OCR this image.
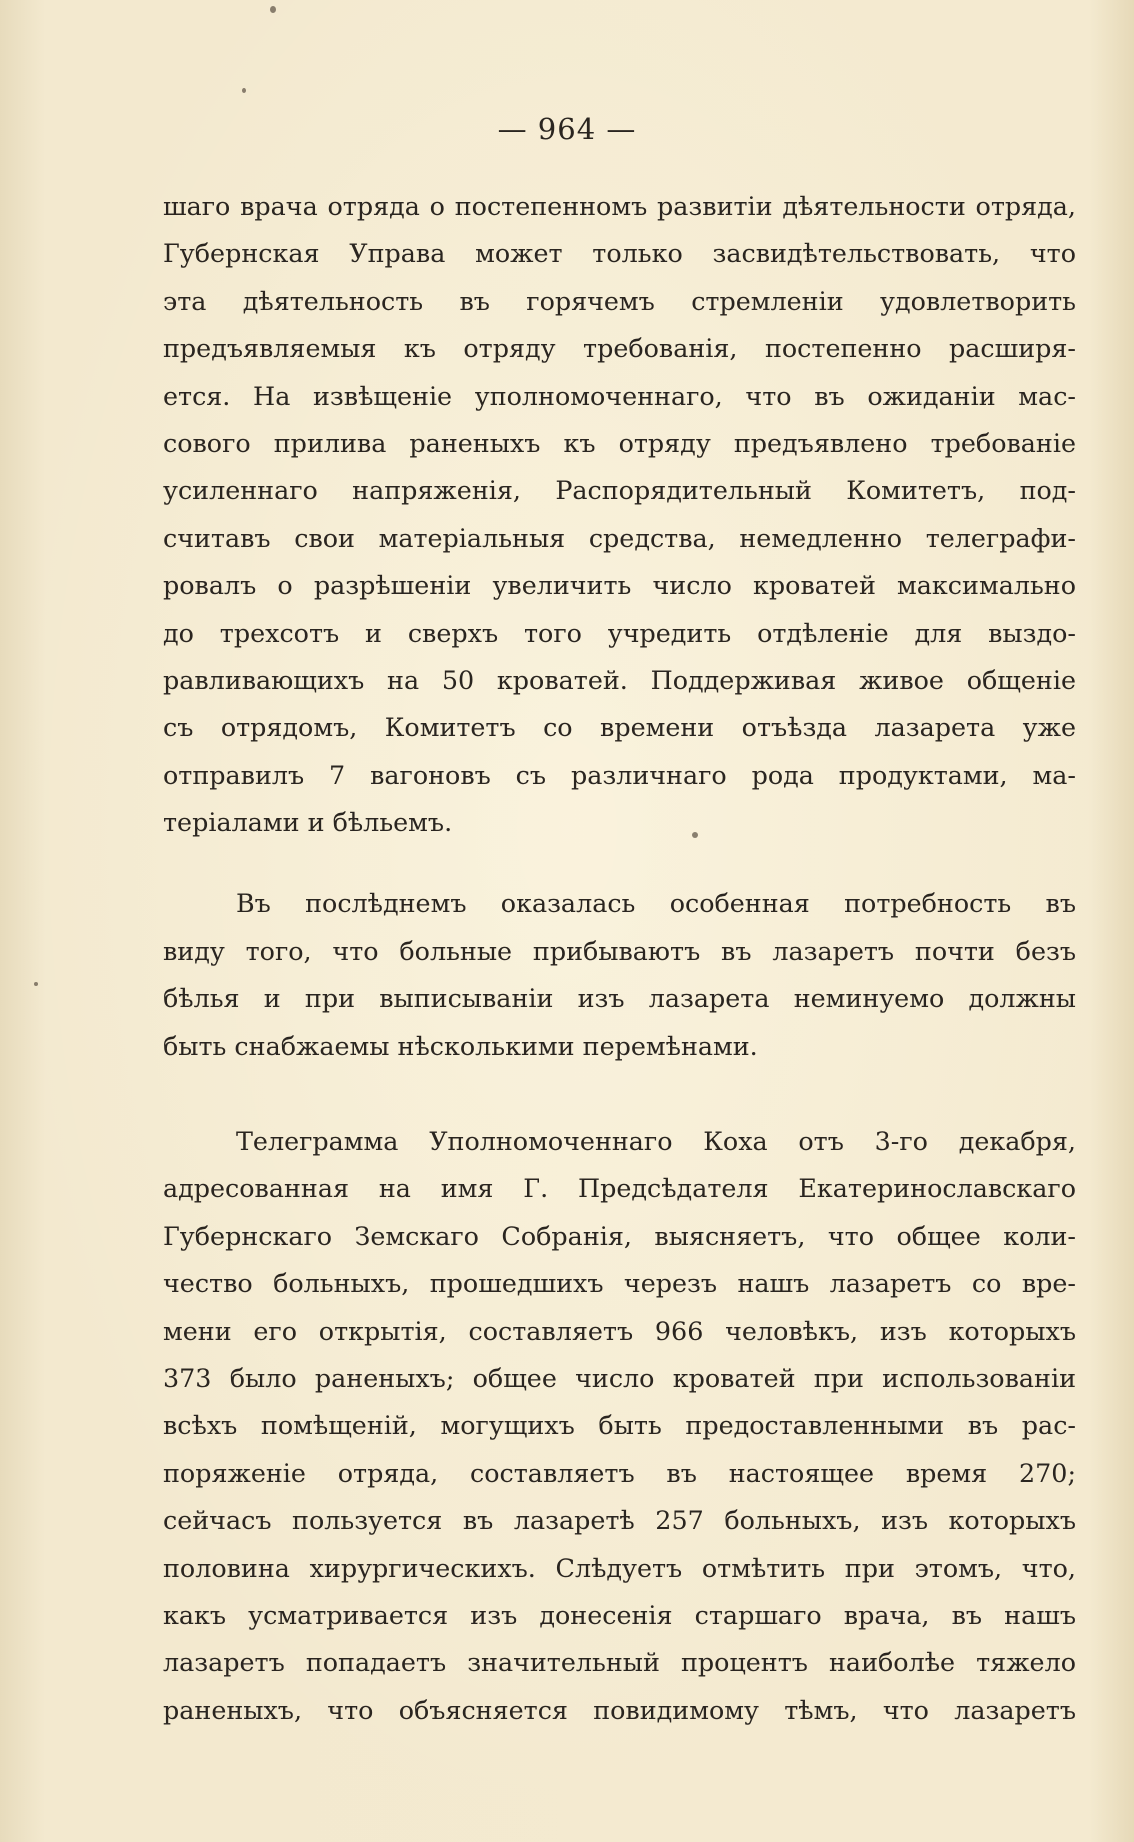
— 964 —
шаго врача отряда о постепенномъ развитіи дѣятельности отряда,
Губернская Управа может только засвидѣтельствовать, что
эта дѣятельность въ горячемъ стремленіи удовлетворить
предъявляемыя къ отряду требованія, постепенно расширя-
ется. На извѣщеніе уполномоченнаго, что въ ожиданіи мас-
сового прилива раненыхъ къ отряду предъявлено требованіе
усиленнаго напряженія, Распорядительный Комитетъ, под-
считавъ свои матеріальныя средства, немедленно телеграфи-
ровалъ о разрѣшеніи увеличить число кроватей максимально
до трехсотъ и сверхъ того учредить отдѣленіе для выздо-
равливающихъ на 50 кроватей. Поддерживая живое общеніе
съ отрядомъ, Комитетъ со времени отъѣзда лазарета уже
отправилъ 7 вагоновъ съ различнаго рода продуктами, ма-
теріалами и бѣльемъ.
Въ послѣднемъ оказалась особенная потребность въ
виду того, что больные прибываютъ въ лазаретъ почти безъ
бѣлья и при выписываніи изъ лазарета неминуемо должны
быть снабжаемы нѣсколькими перемѣнами.
Телеграмма Уполномоченнаго Коха отъ 3-го декабря,
адресованная на имя Г. Предсѣдателя Екатеринославскаго
Губернскаго Земскаго Собранія, выясняетъ, что общее коли-
чество больныхъ, прошедшихъ черезъ нашъ лазаретъ со вре-
мени его открытія, составляетъ 966 человѣкъ, изъ которыхъ
373 было раненыхъ; общее число кроватей при использованіи
всѣхъ помѣщеній, могущихъ быть предоставленными въ рас-
поряженіе отряда, составляетъ въ настоящее время 270;
сейчасъ пользуется въ лазаретѣ 257 больныхъ, изъ которыхъ
половина хирургическихъ. Слѣдуетъ отмѣтить при этомъ, что,
какъ усматривается изъ донесенія старшаго врача, въ нашъ
лазаретъ попадаетъ значительный процентъ наиболѣе тяжело
раненыхъ, что объясняется повидимому тѣмъ, что лазаретъ
